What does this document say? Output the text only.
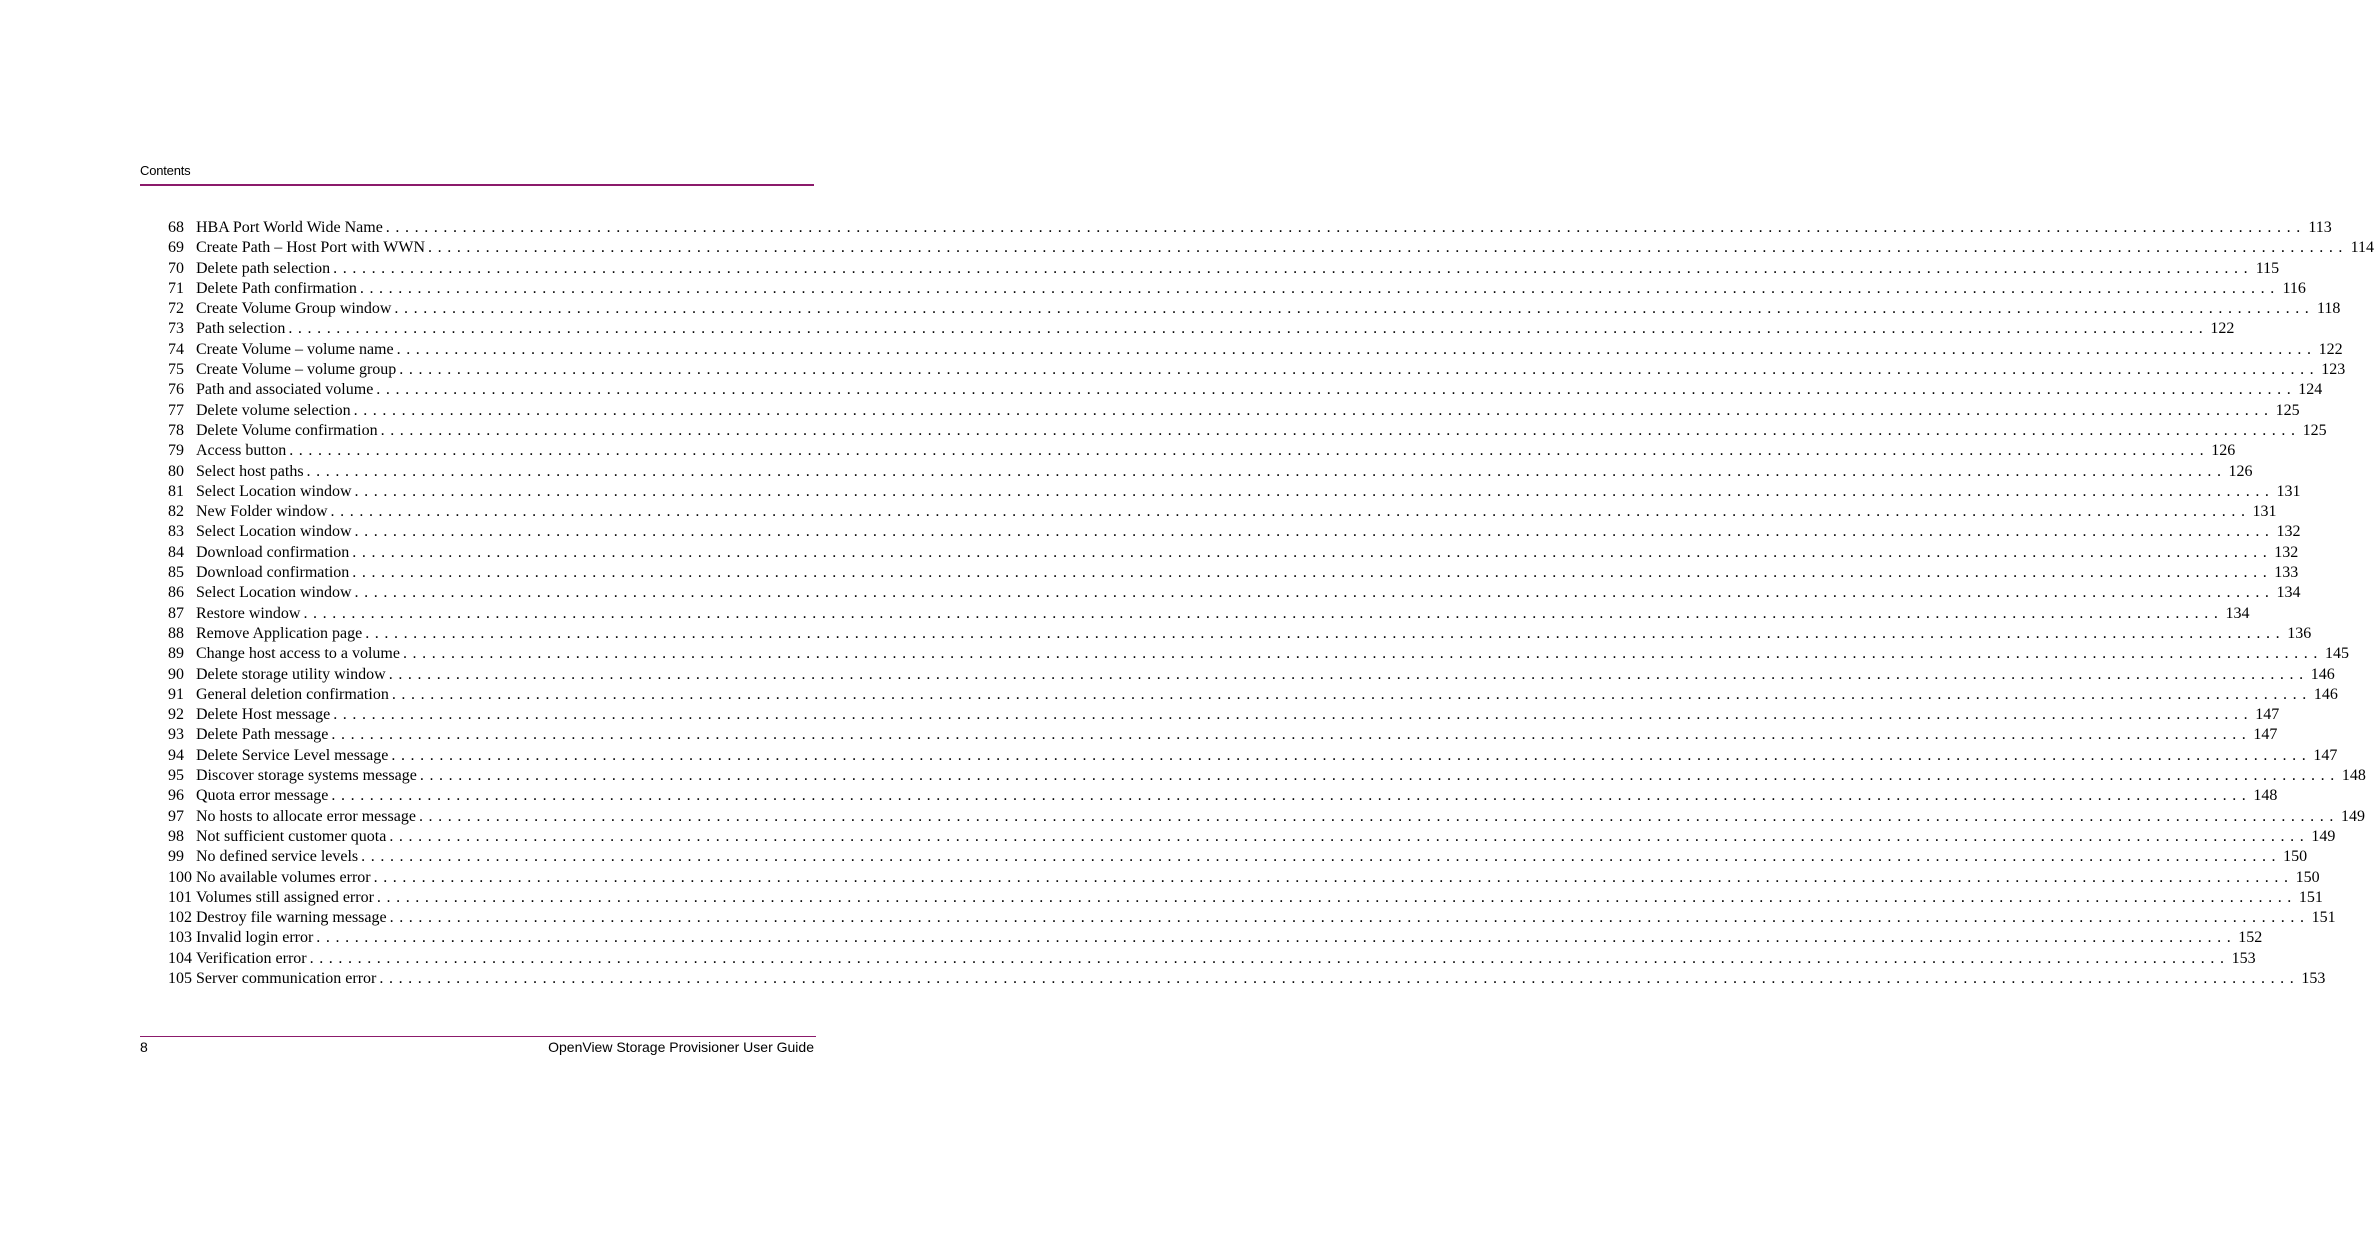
Contents
68 HBA Port World Wide Name ........................................................................................................................................................................................................ 113
69 Create Path – Host Port with WWN ........................................................................................................................................................................................................ 114
70 Delete path selection ........................................................................................................................................................................................................ 115
71 Delete Path confirmation ........................................................................................................................................................................................................ 116
72 Create Volume Group window ........................................................................................................................................................................................................ 118
73 Path selection ........................................................................................................................................................................................................ 122
74 Create Volume – volume name ........................................................................................................................................................................................................ 122
75 Create Volume – volume group ........................................................................................................................................................................................................ 123
76 Path and associated volume ........................................................................................................................................................................................................ 124
77 Delete volume selection ........................................................................................................................................................................................................ 125
78 Delete Volume confirmation ........................................................................................................................................................................................................ 125
79 Access button ........................................................................................................................................................................................................ 126
80 Select host paths ........................................................................................................................................................................................................ 126
81 Select Location window ........................................................................................................................................................................................................ 131
82 New Folder window ........................................................................................................................................................................................................ 131
83 Select Location window ........................................................................................................................................................................................................ 132
84 Download confirmation ........................................................................................................................................................................................................ 132
85 Download confirmation ........................................................................................................................................................................................................ 133
86 Select Location window ........................................................................................................................................................................................................ 134
87 Restore window ........................................................................................................................................................................................................ 134
88 Remove Application page ........................................................................................................................................................................................................ 136
89 Change host access to a volume ........................................................................................................................................................................................................ 145
90 Delete storage utility window ........................................................................................................................................................................................................ 146
91 General deletion confirmation ........................................................................................................................................................................................................ 146
92 Delete Host message ........................................................................................................................................................................................................ 147
93 Delete Path message ........................................................................................................................................................................................................ 147
94 Delete Service Level message ........................................................................................................................................................................................................ 147
95 Discover storage systems message ........................................................................................................................................................................................................ 148
96 Quota error message ........................................................................................................................................................................................................ 148
97 No hosts to allocate error message ........................................................................................................................................................................................................ 149
98 Not sufficient customer quota ........................................................................................................................................................................................................ 149
99 No defined service levels ........................................................................................................................................................................................................ 150
100 No available volumes error ........................................................................................................................................................................................................ 150
101 Volumes still assigned error ........................................................................................................................................................................................................ 151
102 Destroy file warning message ........................................................................................................................................................................................................ 151
103 Invalid login error ........................................................................................................................................................................................................ 152
104 Verification error ........................................................................................................................................................................................................ 153
105 Server communication error ........................................................................................................................................................................................................ 153
8	OpenView Storage Provisioner User Guide
